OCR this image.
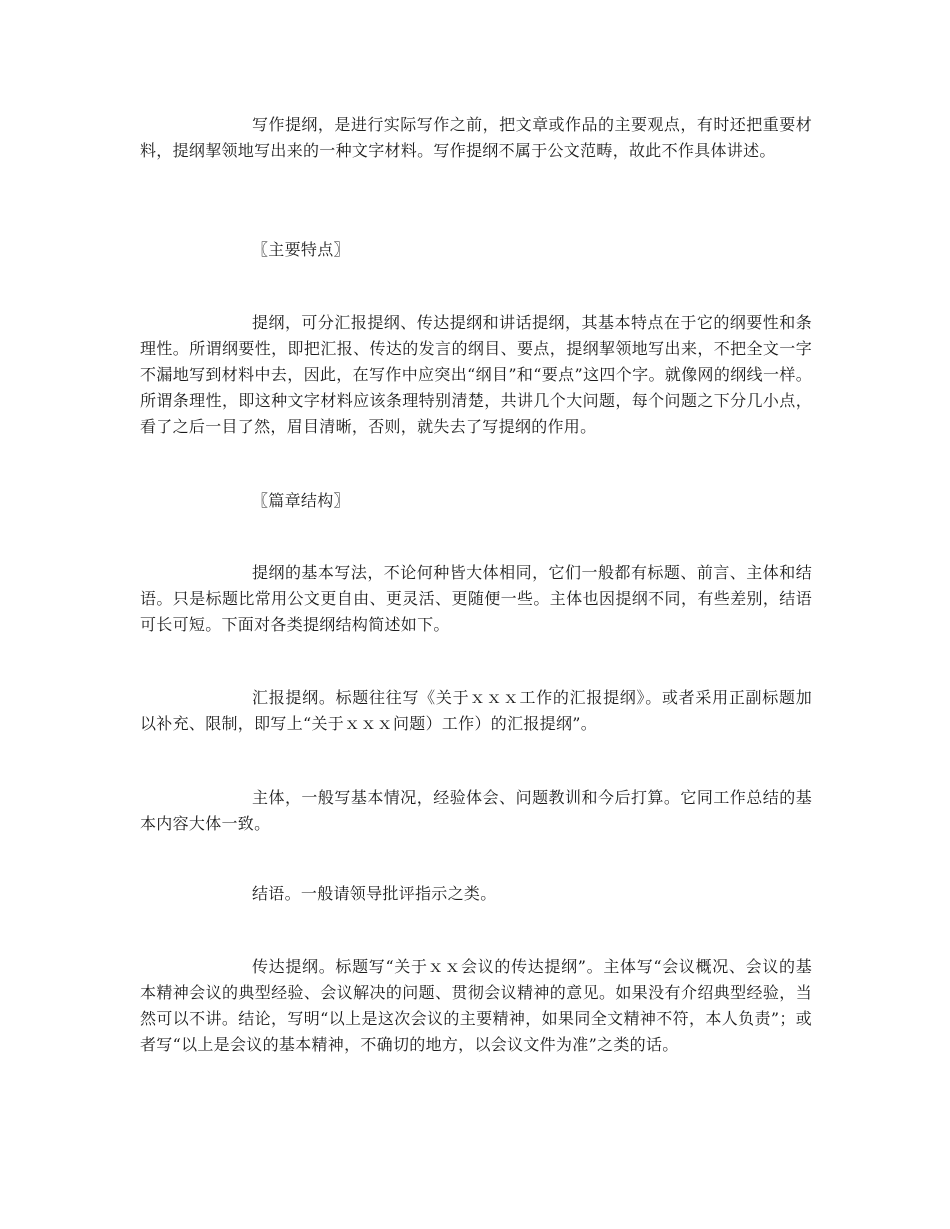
写作提纲，是进行实际写作之前，把文章或作品的主要观点，有时还把重要材料，提纲挈领地写出来的一种文字材料。写作提纲不属于公文范畴，故此不作具体讲述。

〖主要特点〗

提纲，可分汇报提纲、传达提纲和讲话提纲，其基本特点在于它的纲要性和条理性。所谓纲要性，即把汇报、传达的发言的纲目、要点，提纲挈领地写出来，不把全文一字不漏地写到材料中去，因此，在写作中应突出“纲目”和“要点”这四个字。就像网的纲线一样。所谓条理性，即这种文字材料应该条理特别清楚，共讲几个大问题，每个问题之下分几小点，看了之后一目了然，眉目清晰，否则，就失去了写提纲的作用。

〖篇章结构〗

提纲的基本写法，不论何种皆大体相同，它们一般都有标题、前言、主体和结语。只是标题比常用公文更自由、更灵活、更随便一些。主体也因提纲不同，有些差别，结语可长可短。下面对各类提纲结构简述如下。

汇报提纲。标题往往写《关于ｘｘｘ工作的汇报提纲》。或者采用正副标题加以补充、限制，即写上“关于ｘｘｘ问题）工作）的汇报提纲”。

主体，一般写基本情况，经验体会、问题教训和今后打算。它同工作总结的基本内容大体一致。

结语。一般请领导批评指示之类。

传达提纲。标题写“关于ｘｘ会议的传达提纲”。主体写“会议概况、会议的基本精神会议的典型经验、会议解决的问题、贯彻会议精神的意见。如果没有介绍典型经验，当然可以不讲。结论，写明“以上是这次会议的主要精神，如果同全文精神不符，本人负责”；或者写“以上是会议的基本精神，不确切的地方，以会议文件为准”之类的话。
